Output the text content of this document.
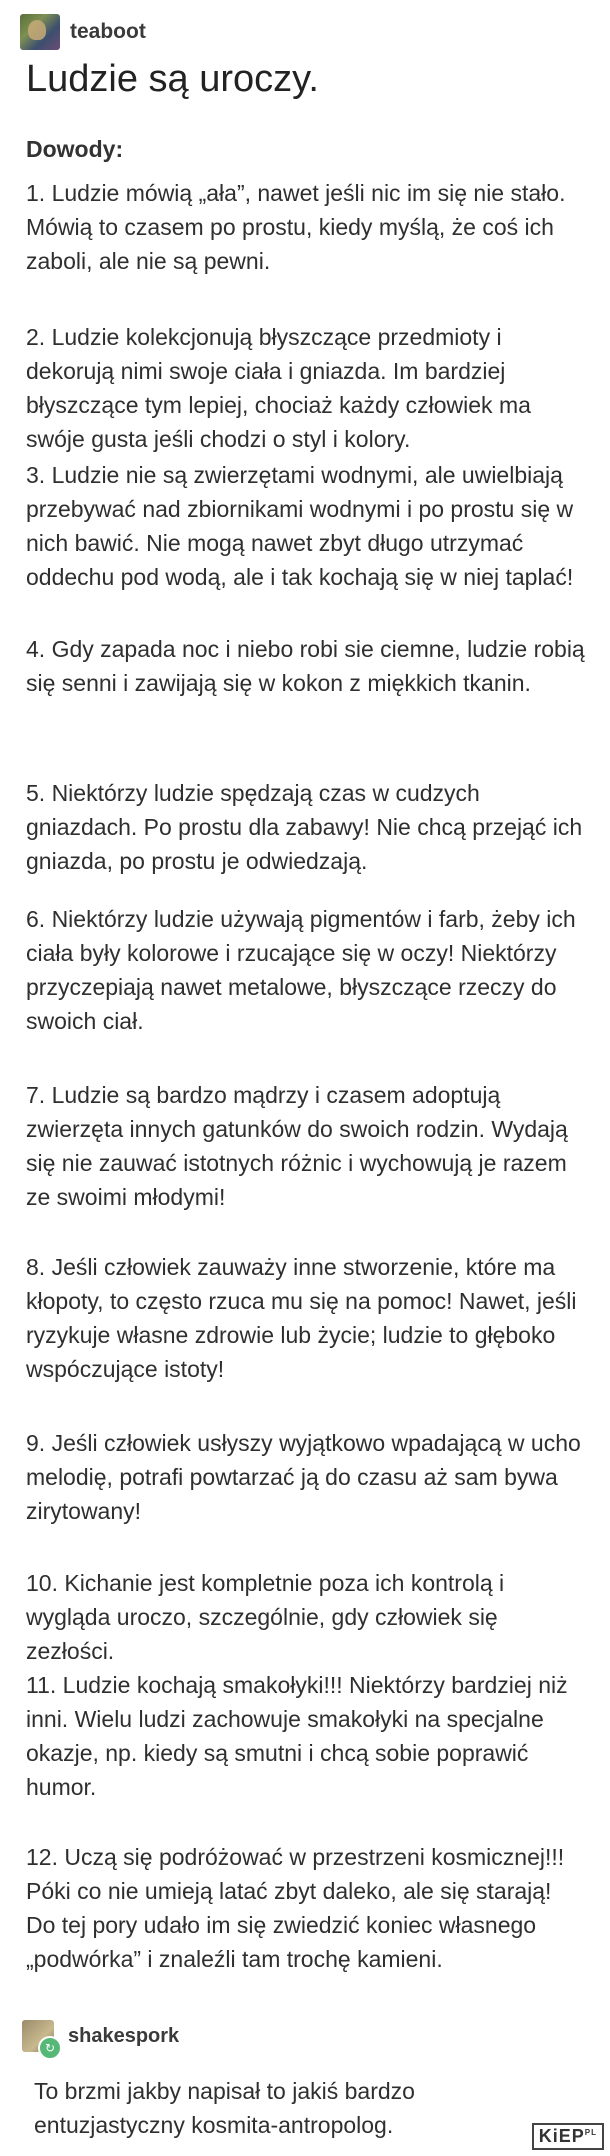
teaboot
Ludzie są uroczy.

Dowody:

1. Ludzie mówią „ała”, nawet jeśli nic im się nie stało. Mówią to czasem po prostu, kiedy myślą, że coś ich zaboli, ale nie są pewni.

2. Ludzie kolekcjonują błyszczące przedmioty i dekorują nimi swoje ciała i gniazda. Im bardziej błyszczące tym lepiej, chociaż każdy człowiek ma swóje gusta jeśli chodzi o styl i kolory.

3. Ludzie nie są zwierzętami wodnymi, ale uwielbiają przebywać nad zbiornikami wodnymi i po prostu się w nich bawić. Nie mogą nawet zbyt długo utrzymać oddechu pod wodą, ale i tak kochają się w niej taplać!

4. Gdy zapada noc i niebo robi sie ciemne, ludzie robią się senni i zawijają się w kokon z miękkich tkanin.

5. Niektórzy ludzie spędzają czas w cudzych gniazdach. Po prostu dla zabawy! Nie chcą przejąć ich gniazda, po prostu je odwiedzają.

6. Niektórzy ludzie używają pigmentów i farb, żeby ich ciała były kolorowe i rzucające się w oczy! Niektórzy przyczepiają nawet metalowe, błyszczące rzeczy do swoich ciał.

7. Ludzie są bardzo mądrzy i czasem adoptują zwierzęta innych gatunków do swoich rodzin. Wydają się nie zauwać istotnych różnic i wychowują je razem ze swoimi młodymi!

8. Jeśli człowiek zauważy inne stworzenie, które ma kłopoty, to często rzuca mu się na pomoc! Nawet, jeśli ryzykuje własne zdrowie lub życie; ludzie to głęboko wspóczujące istoty!

9. Jeśli człowiek usłyszy wyjątkowo wpadającą w ucho melodię, potrafi powtarzać ją do czasu aż sam bywa zirytowany!

10. Kichanie jest kompletnie poza ich kontrolą i wygląda uroczo, szczególnie, gdy człowiek się zezłości.

11. Ludzie kochają smakołyki!!! Niektórzy bardziej niż inni. Wielu ludzi zachowuje smakołyki na specjalne okazje, np. kiedy są smutni i chcą sobie poprawić humor.

12. Uczą się podróżować w przestrzeni kosmicznej!!! Póki co nie umieją latać zbyt daleko, ale się starają! Do tej pory udało im się zwiedzić koniec własnego „podwórka” i znaleźli tam trochę kamieni.

↻
shakespork

To brzmi jakby napisał to jakiś bardzo entuzjastyczny kosmita-antropolog.	KiEP$^{PL}$
